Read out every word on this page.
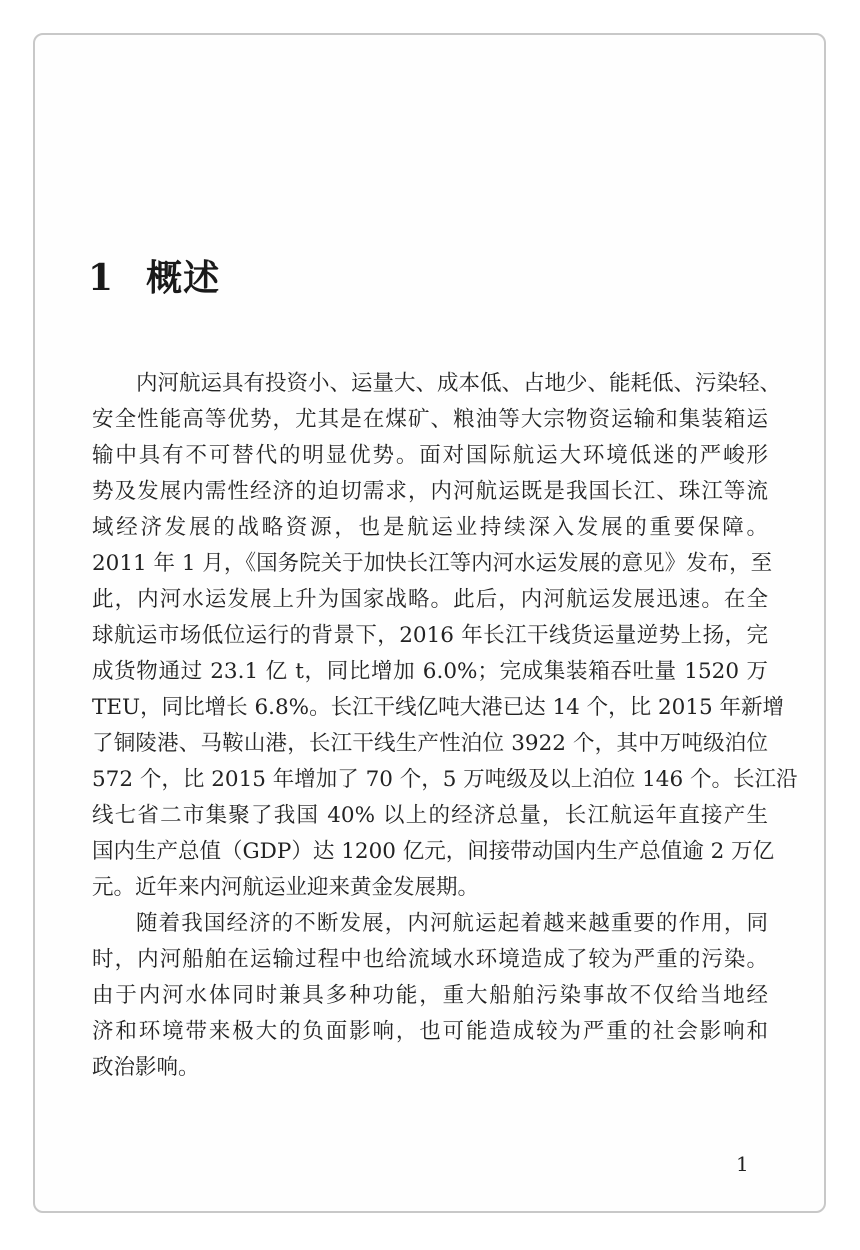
1 概述
内河航运具有投资小、运量大、成本低、占地少、能耗低、污染轻、
安全性能高等优势，尤其是在煤矿、粮油等大宗物资运输和集装箱运
输中具有不可替代的明显优势。面对国际航运大环境低迷的严峻形
势及发展内需性经济的迫切需求，内河航运既是我国长江、珠江等流
域经济发展的战略资源，也是航运业持续深入发展的重要保障。
2011 年 1 月，《国务院关于加快长江等内河水运发展的意见》发布，至
此，内河水运发展上升为国家战略。此后，内河航运发展迅速。在全
球航运市场低位运行的背景下，2016 年长江干线货运量逆势上扬，完
成货物通过 23.1 亿 t，同比增加 6.0%；完成集装箱吞吐量 1520 万
TEU，同比增长 6.8%。长江干线亿吨大港已达 14 个，比 2015 年新增
了铜陵港、马鞍山港，长江干线生产性泊位 3922 个，其中万吨级泊位
572 个，比 2015 年增加了 70 个，5 万吨级及以上泊位 146 个。长江沿
线七省二市集聚了我国 40% 以上的经济总量，长江航运年直接产生
国内生产总值（GDP）达 1200 亿元，间接带动国内生产总值逾 2 万亿
元。近年来内河航运业迎来黄金发展期。
随着我国经济的不断发展，内河航运起着越来越重要的作用，同
时，内河船舶在运输过程中也给流域水环境造成了较为严重的污染。
由于内河水体同时兼具多种功能，重大船舶污染事故不仅给当地经
济和环境带来极大的负面影响，也可能造成较为严重的社会影响和
政治影响。
1
